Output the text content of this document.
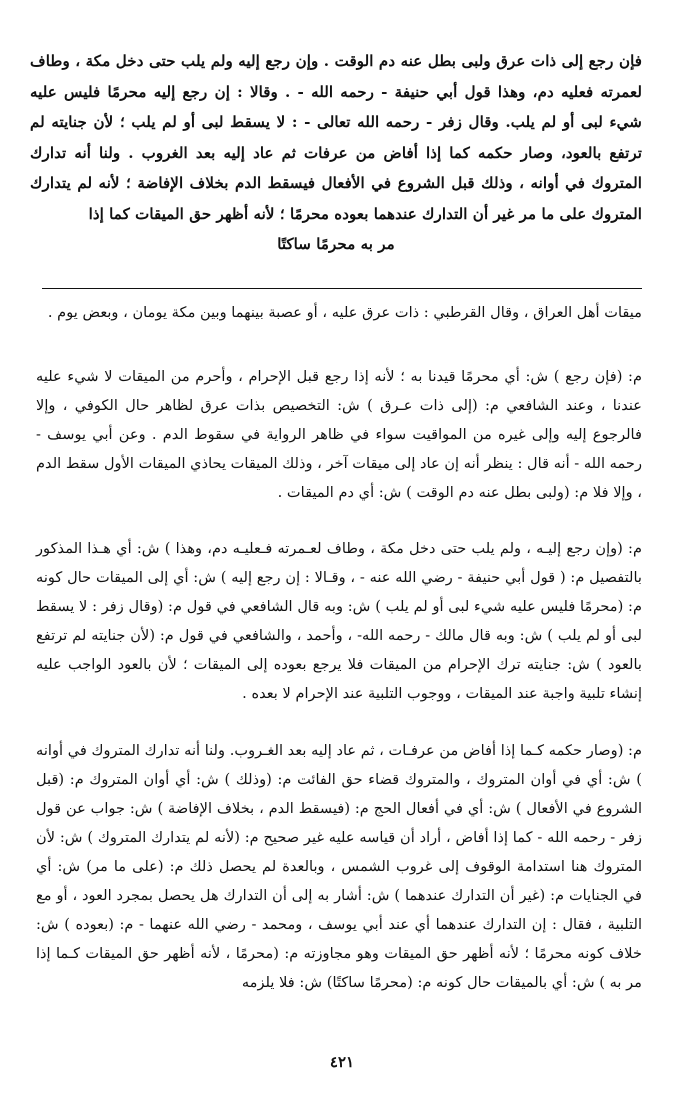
فإن رجع إلى ذات عرق ولبى بطل عنه دم الوقت . وإن رجع إليه ولم يلب حتى دخل مكة ، وطاف لعمرته فعليه دم، وهذا قول أبي حنيفة - رحمه الله - . وقالا : إن رجع إليه محرمًا فليس عليه شيء لبى أو لم يلب. وقال زفر - رحمه الله تعالى - : لا يسقط لبى أو لم يلب ؛ لأن جنايته لم ترتفع بالعود، وصار حكمه كما إذا أفاض من عرفات ثم عاد إليه بعد الغروب . ولنا أنه تدارك المتروك في أوانه ، وذلك قبل الشروع في الأفعال فيسقط الدم بخلاف الإفاضة ؛ لأنه لم يتدارك المتروك على ما مر غير أن التدارك عندهما بعوده محرمًا ؛ لأنه أظهر حق الميقات كما إذا
مر به محرمًا ساكتًا
ميقات أهل العراق ، وقال القرطبي : ذات عرق عليه ، أو عصبة بينهما وبين مكة يومان ، وبعض يوم .
م: (فإن رجع ) ش: أي محرمًا قيدنا به ؛ لأنه إذا رجع قبل الإحرام ، وأحرم من الميقات لا شيء عليه عندنا ، وعند الشافعي م: (إلى ذات عـرق ) ش: التخصيص بذات عرق لظاهر حال الكوفي ، وإلا فالرجوع إليه وإلى غيره من المواقيت سواء في ظاهر الرواية في سقوط الدم . وعن أبي يوسف - رحمه الله - أنه قال : ينظر أنه إن عاد إلى ميقات آخر ، وذلك الميقات يحاذي الميقات الأول سقط الدم ، وإلا فلا م: (ولبى بطل عنه دم الوقت ) ش: أي دم الميقات .
م: (وإن رجع إليـه ، ولم يلب حتى دخل مكة ، وطاف لعـمرته فـعليـه دم، وهذا ) ش: أي هـذا المذكور بالتفصيل م: ( قول أبي حنيفة - رضي الله عنه - ، وقـالا : إن رجع إليه ) ش: أي إلى الميقات حال كونه م: (محرمًا فليس عليه شيء لبى أو لم يلب ) ش: وبه قال الشافعي في قول م: (وقال زفر : لا يسقط لبى أو لم يلب ) ش: وبه قال مالك - رحمه الله- ، وأحمد ، والشافعي في قول م: (لأن جنايته لم ترتفع بالعود ) ش: جنايته ترك الإحرام من الميقات فلا يرجع بعوده إلى الميقات ؛ لأن بالعود الواجب عليه إنشاء تلبية واجبة عند الميقات ، ووجوب التلبية عند الإحرام لا بعده .
م: (وصار حكمه كـما إذا أفاض من عرفـات ، ثم عاد إليه بعد الغـروب. ولنا أنه تدارك المتروك في أوانه ) ش: أي في أوان المتروك ، والمتروك قضاء حق الفائت م: (وذلك ) ش: أي أوان المتروك م: (قبل الشروع في الأفعال ) ش: أي في أفعال الحج م: (فيسقط الدم ، بخلاف الإفاضة ) ش: جواب عن قول زفر - رحمه الله - كما إذا أفاض ، أراد أن قياسه عليه غير صحيح م: (لأنه لم يتدارك المتروك ) ش: لأن المتروك هنا استدامة الوقوف إلى غروب الشمس ، وبالعدة لم يحصل ذلك م: (على ما مر) ش: أي في الجنايات م: (غير أن التدارك عندهما ) ش: أشار به إلى أن التدارك هل يحصل بمجرد العود ، أو مع التلبية ، فقال : إن التدارك عندهما أي عند أبي يوسف ، ومحمد - رضي الله عنهما - م: (بعوده ) ش: خلاف كونه محرمًا ؛ لأنه أظهر حق الميقات وهو مجاوزته م: (محرمًا ، لأنه أظهر حق الميقات كـما إذا مر به ) ش: أي بالميقات حال كونه م: (محرمًا ساكتًا) ش: فلا يلزمه
٤٢١
